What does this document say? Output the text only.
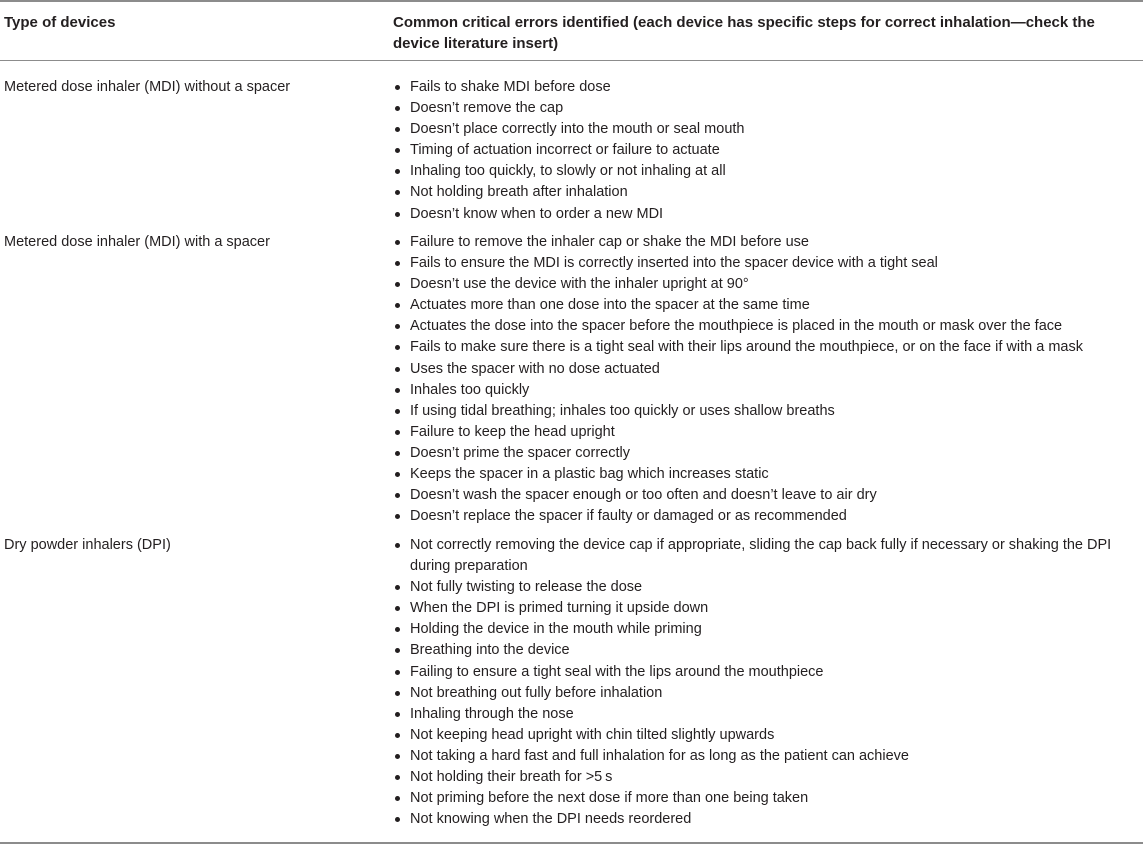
Type of devices	Common critical errors identified (each device has specific steps for correct inhalation—check the device literature insert)
Metered dose inhaler (MDI) without a spacer	Fails to shake MDI before dose
Doesn’t remove the cap
Doesn’t place correctly into the mouth or seal mouth
Timing of actuation incorrect or failure to actuate
Inhaling too quickly, to slowly or not inhaling at all
Not holding breath after inhalation
Doesn’t know when to order a new MDI
Metered dose inhaler (MDI) with a spacer	Failure to remove the inhaler cap or shake the MDI before use
Fails to ensure the MDI is correctly inserted into the spacer device with a tight seal
Doesn’t use the device with the inhaler upright at 90°
Actuates more than one dose into the spacer at the same time
Actuates the dose into the spacer before the mouthpiece is placed in the mouth or mask over the face
Fails to make sure there is a tight seal with their lips around the mouthpiece, or on the face if with a mask
Uses the spacer with no dose actuated
Inhales too quickly
If using tidal breathing; inhales too quickly or uses shallow breaths
Failure to keep the head upright
Doesn’t prime the spacer correctly
Keeps the spacer in a plastic bag which increases static
Doesn’t wash the spacer enough or too often and doesn’t leave to air dry
Doesn’t replace the spacer if faulty or damaged or as recommended
Dry powder inhalers (DPI)	Not correctly removing the device cap if appropriate, sliding the cap back fully if necessary or shaking the DPI during preparation
Not fully twisting to release the dose
When the DPI is primed turning it upside down
Holding the device in the mouth while priming
Breathing into the device
Failing to ensure a tight seal with the lips around the mouthpiece
Not breathing out fully before inhalation
Inhaling through the nose
Not keeping head upright with chin tilted slightly upwards
Not taking a hard fast and full inhalation for as long as the patient can achieve
Not holding their breath for >5 s
Not priming before the next dose if more than one being taken
Not knowing when the DPI needs reordered
